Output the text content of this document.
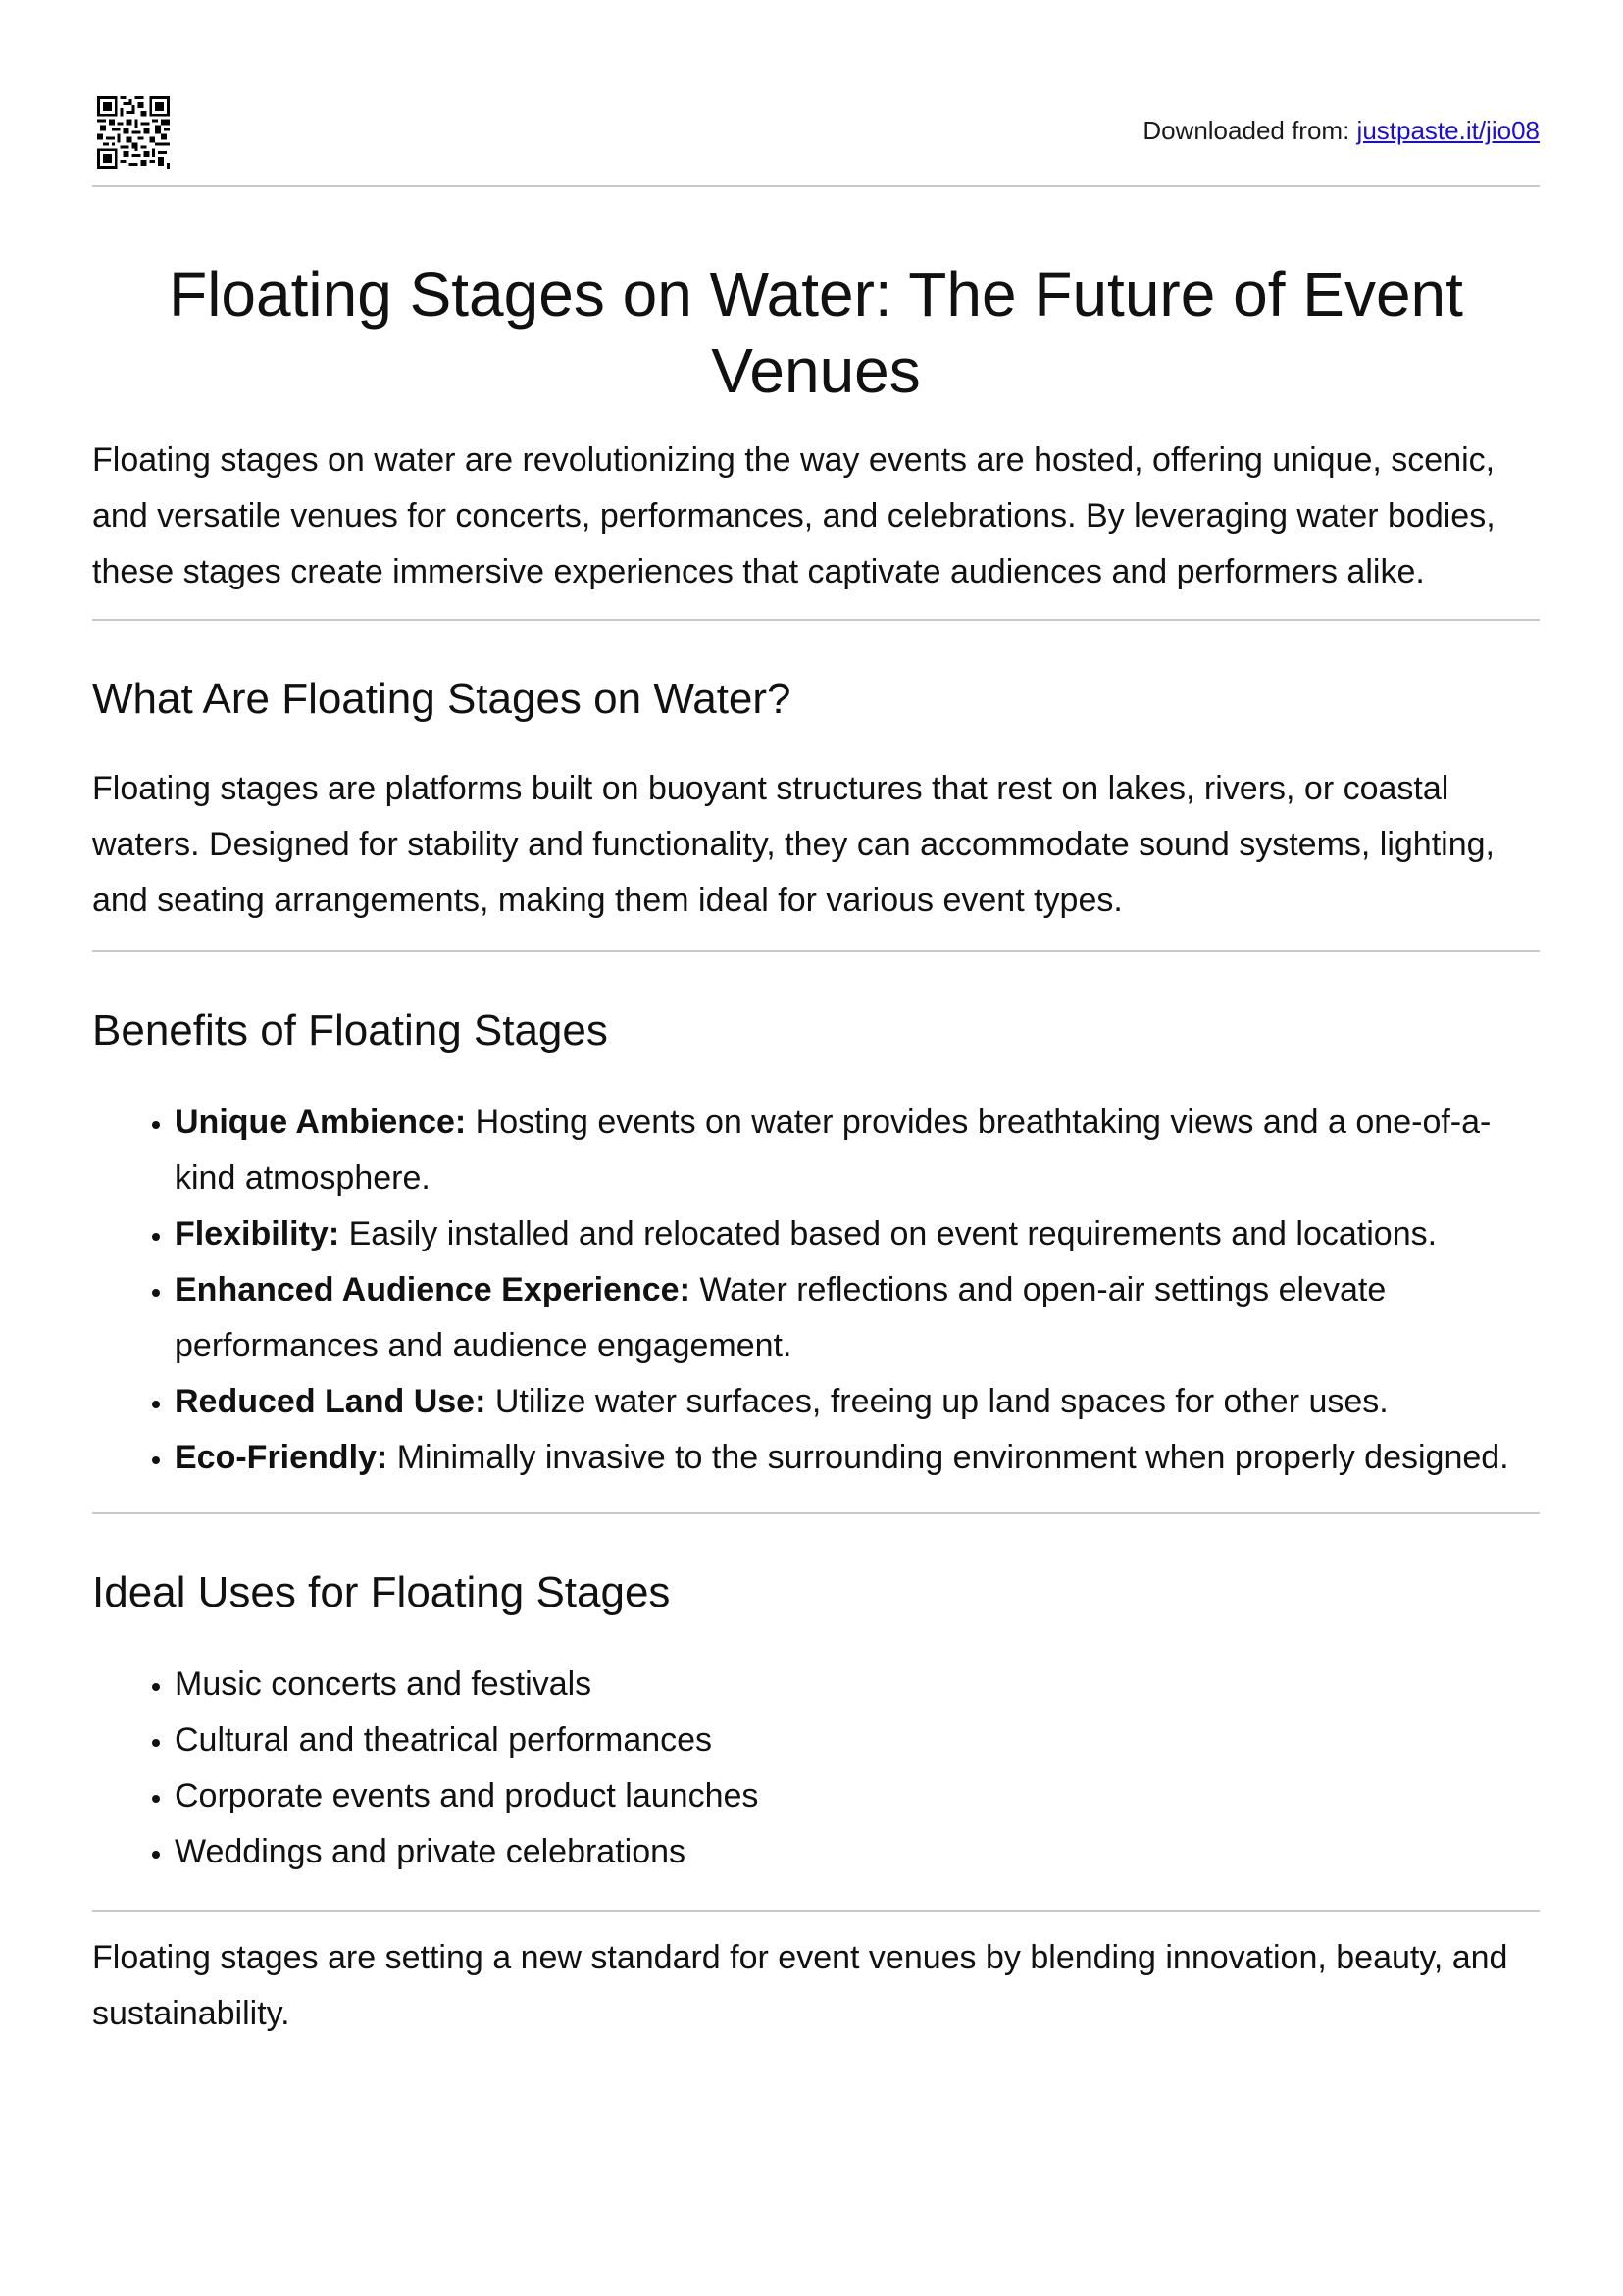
Downloaded from: justpaste.it/jio08
Floating Stages on Water: The Future of Event Venues

Floating stages on water are revolutionizing the way events are hosted, offering unique, scenic, and versatile venues for concerts, performances, and celebrations. By leveraging water bodies, these stages create immersive experiences that captivate audiences and performers alike.

What Are Floating Stages on Water?

Floating stages are platforms built on buoyant structures that rest on lakes, rivers, or coastal waters. Designed for stability and functionality, they can accommodate sound systems, lighting, and seating arrangements, making them ideal for various event types.

Benefits of Floating Stages
• Unique Ambience: Hosting events on water provides breathtaking views and a one-of-a-kind atmosphere.
• Flexibility: Easily installed and relocated based on event requirements and locations.
• Enhanced Audience Experience: Water reflections and open-air settings elevate performances and audience engagement.
• Reduced Land Use: Utilize water surfaces, freeing up land spaces for other uses.
• Eco-Friendly: Minimally invasive to the surrounding environment when properly designed.
Ideal Uses for Floating Stages
• Music concerts and festivals
• Cultural and theatrical performances
• Corporate events and product launches
• Weddings and private celebrations

Floating stages are setting a new standard for event venues by blending innovation, beauty, and sustainability.
